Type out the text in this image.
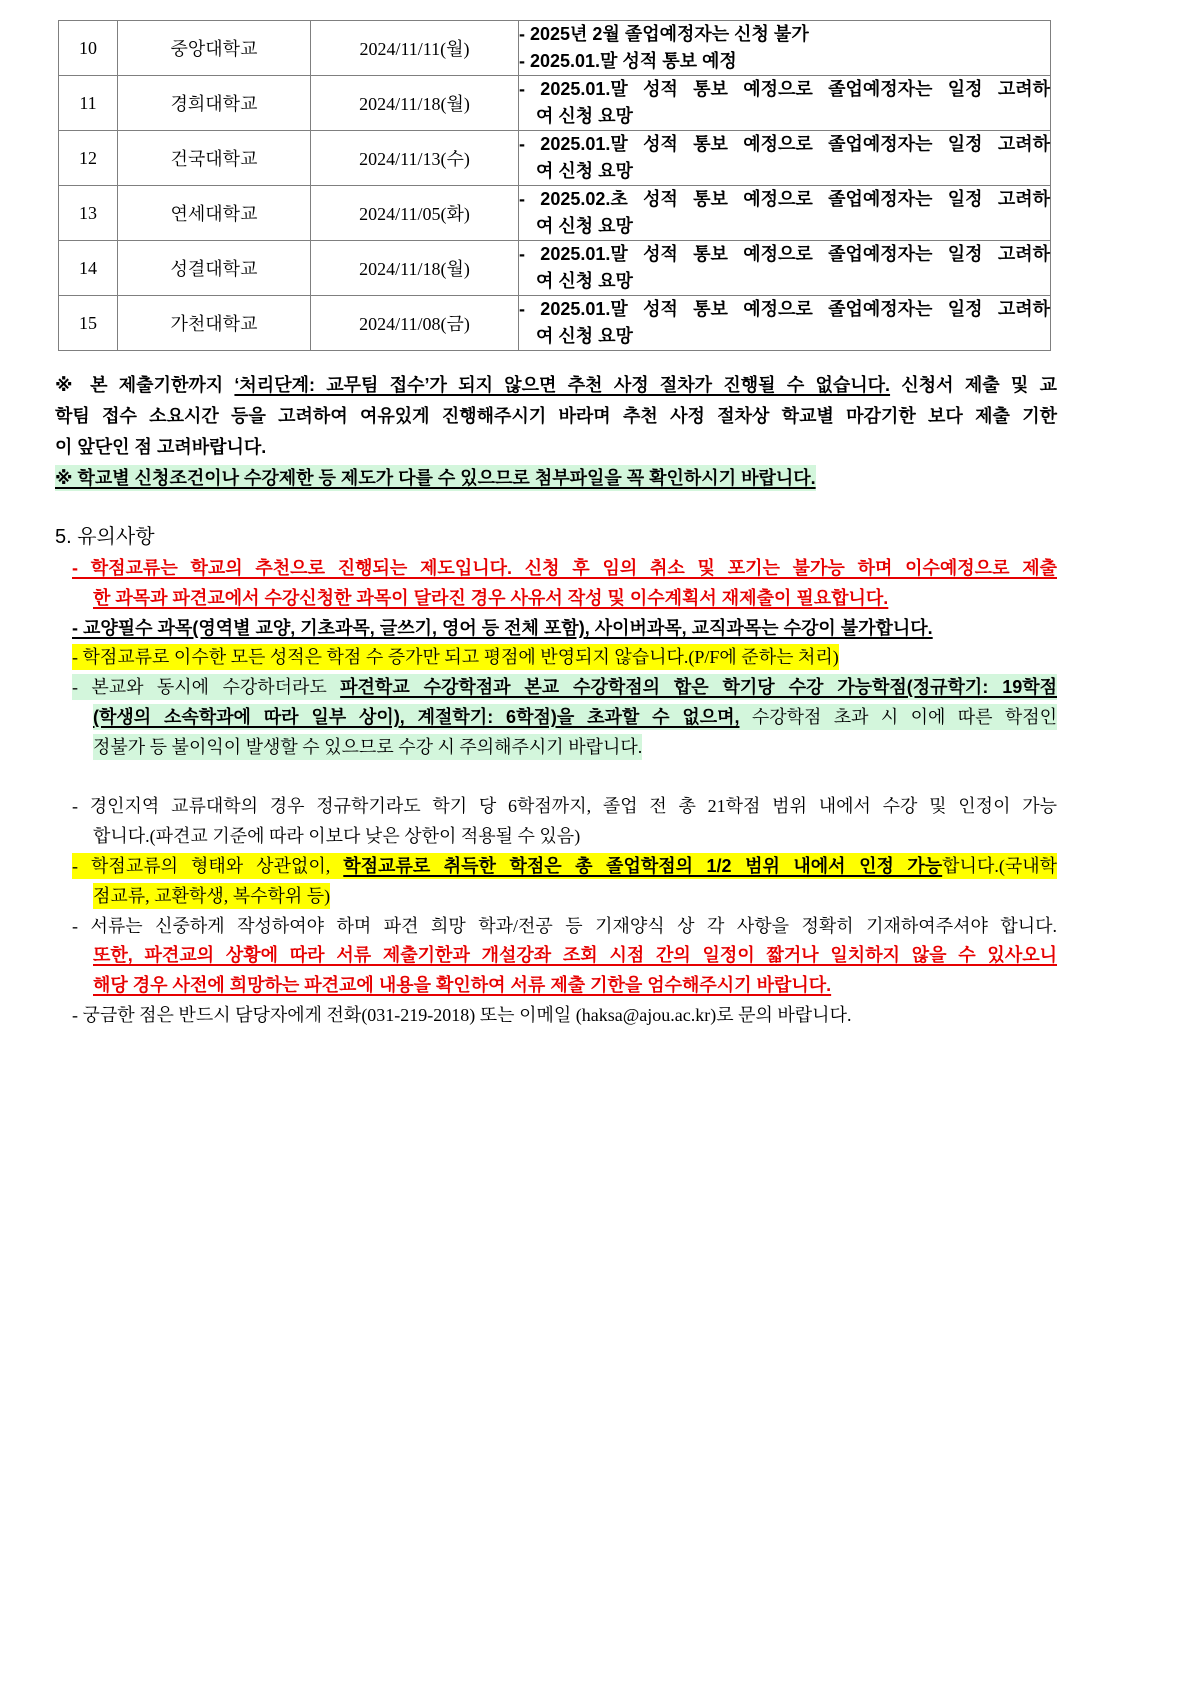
10	중앙대학교	2024/11/11(월)	- 2025년 2월 졸업예정자는 신청 불가
- 2025.01.말 성적 통보 예정

11	경희대학교	2024/11/18(월)	- 2025.01.말 성적 통보 예정으로 졸업예정자는 일정 고려하
여 신청 요망

12	건국대학교	2024/11/13(수)	- 2025.01.말 성적 통보 예정으로 졸업예정자는 일정 고려하
여 신청 요망

13	연세대학교	2024/11/05(화)	- 2025.02.초 성적 통보 예정으로 졸업예정자는 일정 고려하
여 신청 요망

14	성결대학교	2024/11/18(월)	- 2025.01.말 성적 통보 예정으로 졸업예정자는 일정 고려하
여 신청 요망

15	가천대학교	2024/11/08(금)	- 2025.01.말 성적 통보 예정으로 졸업예정자는 일정 고려하
여 신청 요망
※ 본 제출기한까지 ‘처리단계: 교무팀 접수’가 되지 않으면 추천 사정 절차가 진행될 수 없습니다. 신청서 제출 및 교
학팀 접수 소요시간 등을 고려하여 여유있게 진행해주시기 바라며 추천 사정 절차상 학교별 마감기한 보다 제출 기한
이 앞단인 점 고려바랍니다.
※ 학교별 신청조건이나 수강제한 등 제도가 다를 수 있으므로 첨부파일을 꼭 확인하시기 바랍니다.
5. 유의사항
- 학점교류는 학교의 추천으로 진행되는 제도입니다. 신청 후 임의 취소 및 포기는 불가능 하며 이수예정으로 제출
한 과목과 파견교에서 수강신청한 과목이 달라진 경우 사유서 작성 및 이수계획서 재제출이 필요합니다.
- 교양필수 과목(영역별 교양, 기초과목, 글쓰기, 영어 등 전체 포함), 사이버과목, 교직과목는 수강이 불가합니다.
- 학점교류로 이수한 모든 성적은 학점 수 증가만 되고 평점에 반영되지 않습니다.(P/F에 준하는 처리)
- 본교와 동시에 수강하더라도 파견학교 수강학점과 본교 수강학점의 합은 학기당 수강 가능학점(정규학기: 19학점
(학생의 소속학과에 따라 일부 상이), 계절학기: 6학점)을 초과할 수 없으며, 수강학점 초과 시 이에 따른 학점인
정불가 등 불이익이 발생할 수 있으므로 수강 시 주의해주시기 바랍니다.
- 경인지역 교류대학의 경우 정규학기라도 학기 당 6학점까지, 졸업 전 총 21학점 범위 내에서 수강 및 인정이 가능
합니다.(파견교 기준에 따라 이보다 낮은 상한이 적용될 수 있음)
- 학점교류의 형태와 상관없이, 학점교류로 취득한 학점은 총 졸업학점의 1/2 범위 내에서 인정 가능합니다.(국내학
점교류, 교환학생, 복수학위 등)
- 서류는 신중하게 작성하여야 하며 파견 희망 학과/전공 등 기재양식 상 각 사항을 정확히 기재하여주셔야 합니다.
또한, 파견교의 상황에 따라 서류 제출기한과 개설강좌 조회 시점 간의 일정이 짧거나 일치하지 않을 수 있사오니
해당 경우 사전에 희망하는 파견교에 내용을 확인하여 서류 제출 기한을 엄수해주시기 바랍니다.
- 궁금한 점은 반드시 담당자에게 전화(031-219-2018) 또는 이메일 (haksa@ajou.ac.kr)로 문의 바랍니다.
